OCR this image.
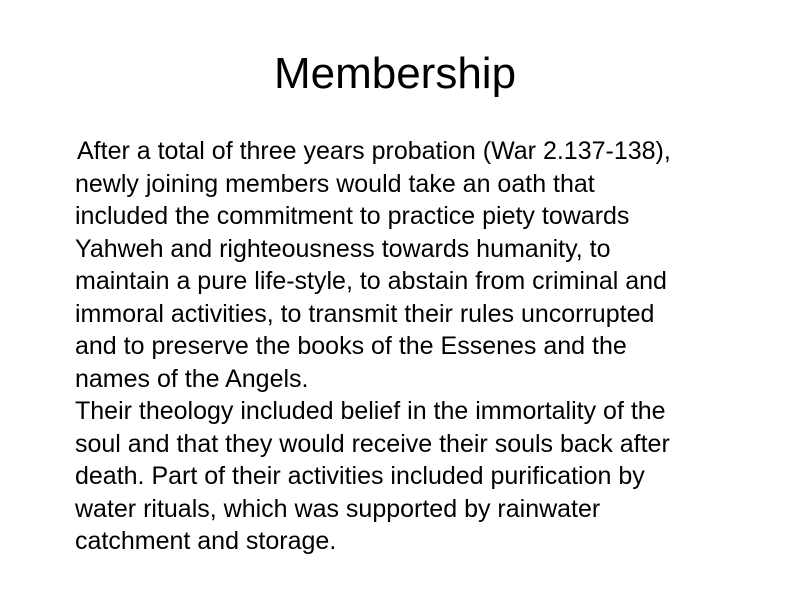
Membership
After a total of three years probation (War 2.137-138),
newly joining members would take an oath that
included the commitment to practice piety towards
Yahweh and righteousness towards humanity, to
maintain a pure life-style, to abstain from criminal and
immoral activities, to transmit their rules uncorrupted
and to preserve the books of the Essenes and the
names of the Angels.
Their theology included belief in the immortality of the
soul and that they would receive their souls back after
death. Part of their activities included purification by
water rituals, which was supported by rainwater
catchment and storage.
